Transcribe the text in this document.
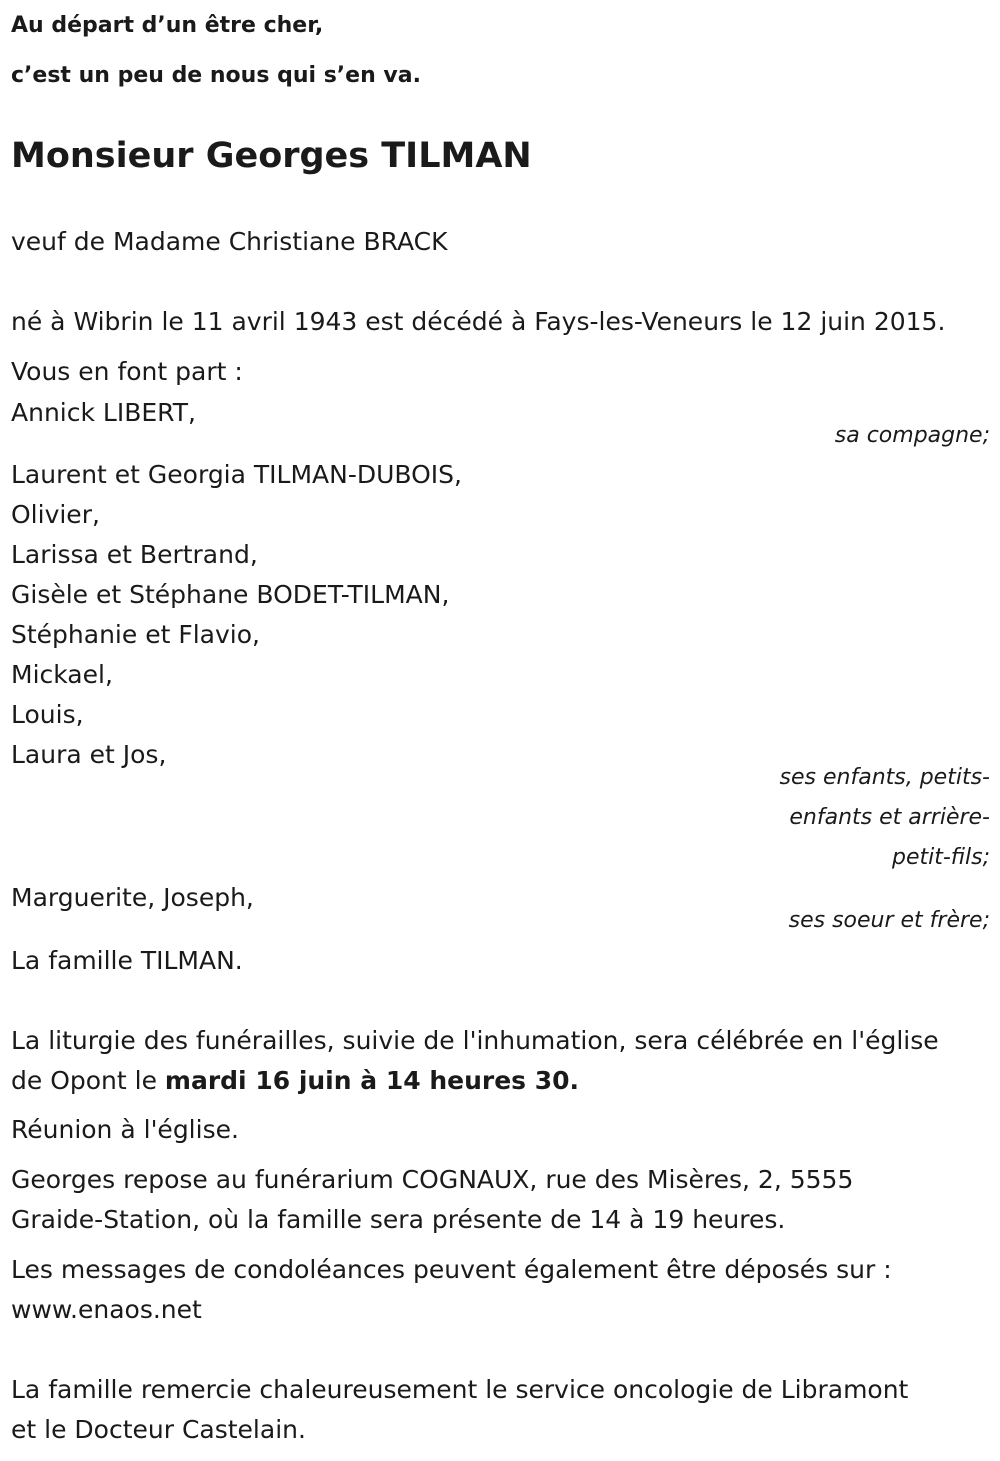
Au départ d’un être cher,
c’est un peu de nous qui s’en va.
Monsieur Georges TILMAN
veuf de Madame Christiane BRACK
né à Wibrin le 11 avril 1943 est décédé à Fays-les-Veneurs le 12 juin 2015.
Vous en font part :
Annick LIBERT,
sa compagne;
Laurent et Georgia TILMAN-DUBOIS,
Olivier,
Larissa et Bertrand,
Gisèle et Stéphane BODET-TILMAN,
Stéphanie et Flavio,
Mickael,
Louis,
Laura et Jos,
ses enfants, petits-
enfants et arrière-
petit-fils;
Marguerite, Joseph,
ses soeur et frère;
La famille TILMAN.
La liturgie des funérailles, suivie de l'inhumation, sera célébrée en l'église
de Opont le mardi 16 juin à 14 heures 30.
Réunion à l'église.
Georges repose au funérarium COGNAUX, rue des Misères, 2, 5555
Graide-Station, où la famille sera présente de 14 à 19 heures.
Les messages de condoléances peuvent également être déposés sur :
www.enaos.net
La famille remercie chaleureusement le service oncologie de Libramont
et le Docteur Castelain.
